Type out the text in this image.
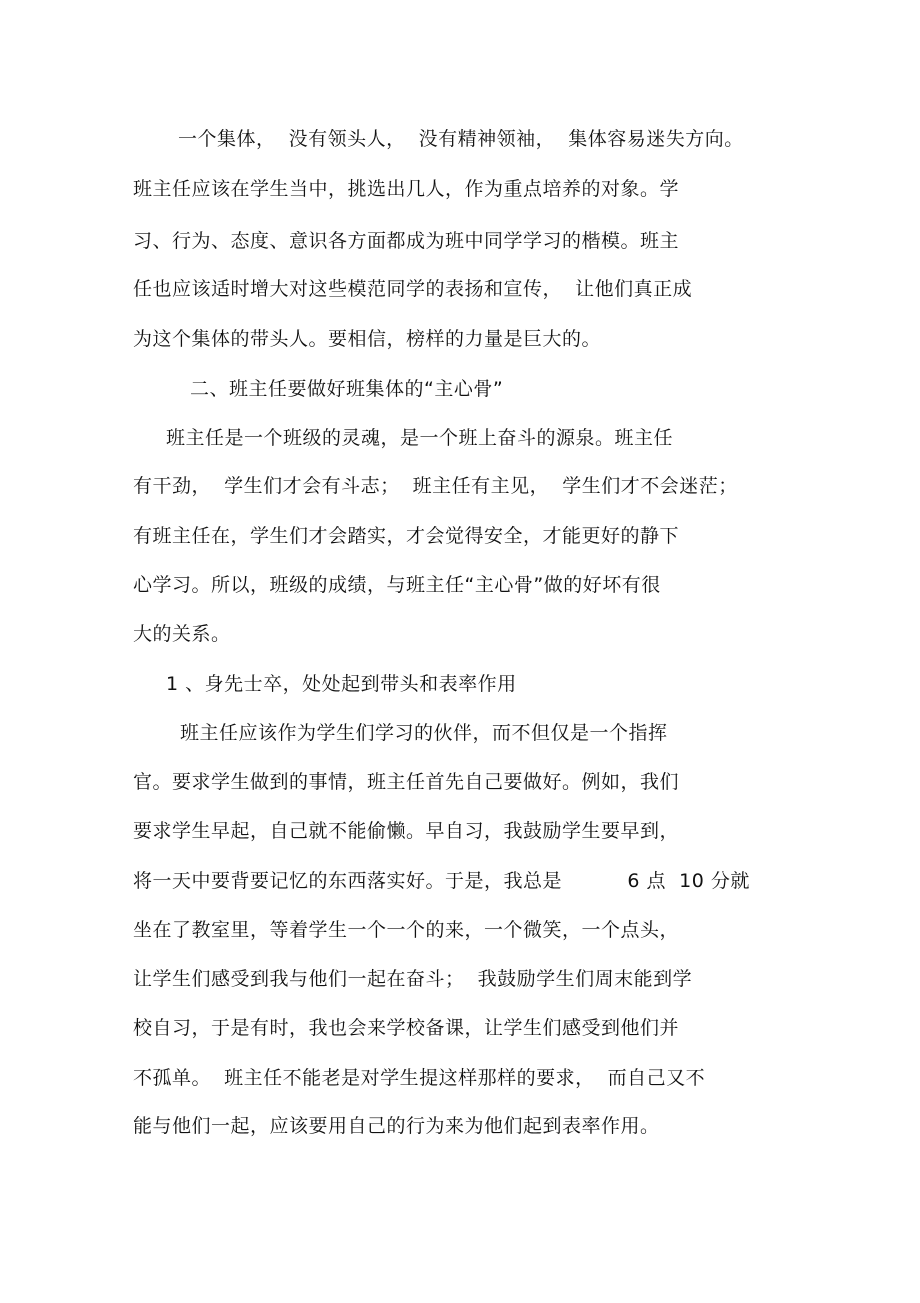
一个集体，  没有领头人，  没有精神领袖，  集体容易迷失方向。
班主任应该在学生当中，挑选出几人，作为重点培养的对象。学
习、行为、态度、意识各方面都成为班中同学学习的楷模。班主
任也应该适时增大对这些模范同学的表扬和宣传，  让他们真正成
为这个集体的带头人。要相信，榜样的力量是巨大的。
二、班主任要做好班集体的“主心骨”
班主任是一个班级的灵魂，是一个班上奋斗的源泉。班主任
有干劲，  学生们才会有斗志；  班主任有主见，  学生们才不会迷茫；
有班主任在，学生们才会踏实，才会觉得安全，才能更好的静下
心学习。所以，班级的成绩，与班主任“主心骨”做的好坏有很
大的关系。
1 、身先士卒，处处起到带头和表率作用
班主任应该作为学生们学习的伙伴，而不但仅是一个指挥
官。要求学生做到的事情，班主任首先自己要做好。例如，我们
要求学生早起，自己就不能偷懒。早自习，我鼓励学生要早到，
将一天中要背要记忆的东西落实好。于是，我总是          6 点  10 分就
坐在了教室里，等着学生一个一个的来，一个微笑，一个点头，
让学生们感受到我与他们一起在奋斗；  我鼓励学生们周末能到学
校自习，于是有时，我也会来学校备课，让学生们感受到他们并
不孤单。  班主任不能老是对学生提这样那样的要求，  而自己又不
能与他们一起，应该要用自己的行为来为他们起到表率作用。
